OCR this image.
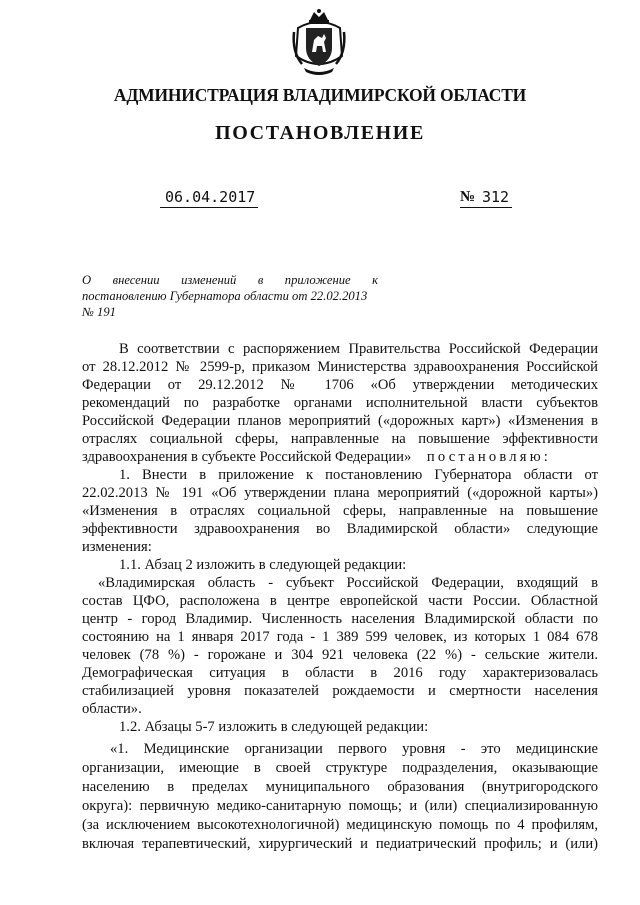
АДМИНИСТРАЦИЯ ВЛАДИМИРСКОЙ ОБЛАСТИ
ПОСТАНОВЛЕНИЕ
06.04.2017	№ 312
О внесении изменений в приложение к
постановлению Губернатора области от 22.02.2013
№ 191
В соответствии с распоряжением Правительства Российской Федерации
от 28.12.2012 № 2599-р, приказом Министерства здравоохранения Российской
Федерации от 29.12.2012 № 1706 «Об утверждении методических
рекомендаций по разработке органами исполнительной власти субъектов
Российской Федерации планов мероприятий («дорожных карт») «Изменения в
отраслях социальной сферы, направленные на повышение эффективности
здравоохранения в субъекте Российской Федерации» постановляю:
1. Внести в приложение к постановлению Губернатора области от
22.02.2013 № 191 «Об утверждении плана мероприятий («дорожной карты»)
«Изменения в отраслях социальной сферы, направленные на повышение
эффективности здравоохранения во Владимирской области» следующие
изменения:
1.1. Абзац 2 изложить в следующей редакции:
«Владимирская область - субъект Российской Федерации, входящий в
состав ЦФО, расположена в центре европейской части России. Областной
центр - город Владимир. Численность населения Владимирской области по
состоянию на 1 января 2017 года - 1 389 599 человек, из которых 1 084 678
человек (78 %) - горожане и 304 921 человека (22 %) - сельские жители.
Демографическая ситуация в области в 2016 году характеризовалась
стабилизацией уровня показателей рождаемости и смертности населения
области».
1.2. Абзацы 5-7 изложить в следующей редакции:
«1. Медицинские организации первого уровня - это медицинские
организации, имеющие в своей структуре подразделения, оказывающие
населению в пределах муниципального образования (внутригородского
округа): первичную медико-санитарную помощь; и (или) специализированную
(за исключением высокотехнологичной) медицинскую помощь по 4 профилям,
включая терапевтический, хирургический и педиатрический профиль; и (или)
